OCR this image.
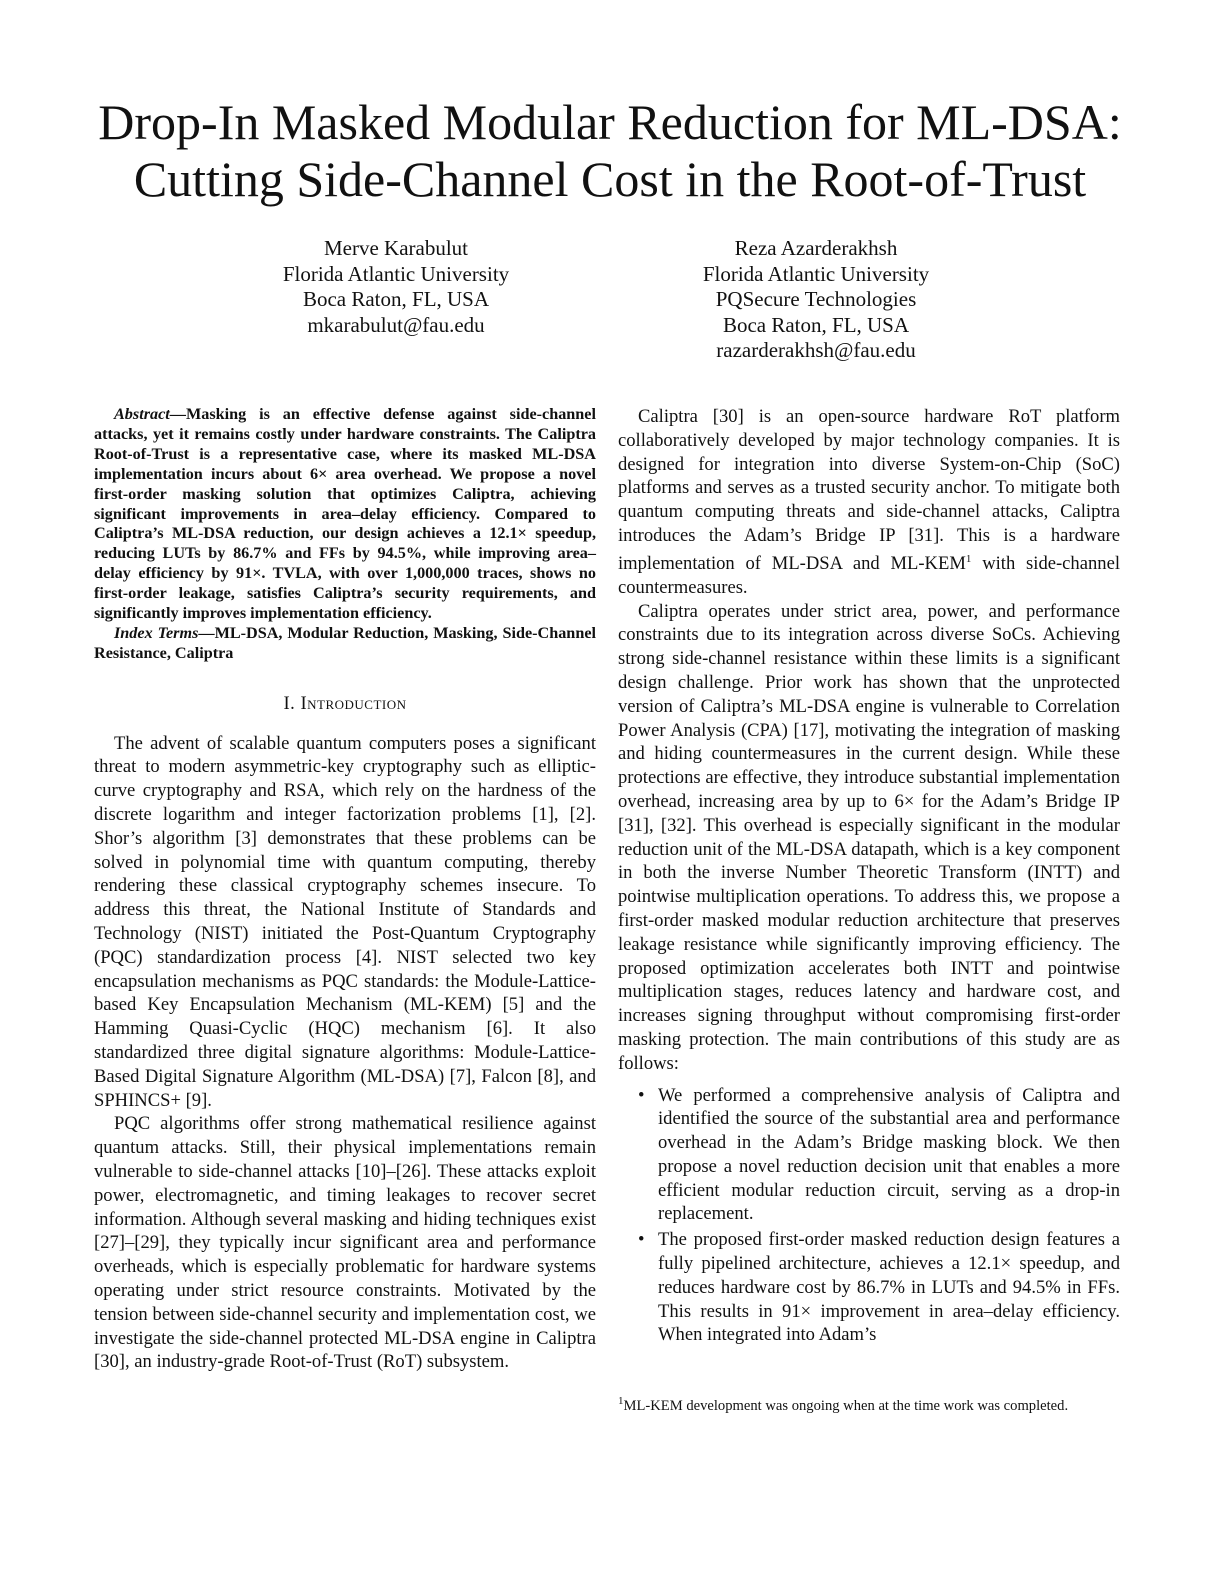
Drop-In Masked Modular Reduction for ML-DSA:
Cutting Side-Channel Cost in the Root-of-Trust
Merve Karabulut
Florida Atlantic University
Boca Raton, FL, USA
mkarabulut@fau.edu
Reza Azarderakhsh
Florida Atlantic University
PQSecure Technologies
Boca Raton, FL, USA
razarderakhsh@fau.edu

Abstract—Masking is an effective defense against side-channel attacks, yet it remains costly under hardware constraints. The Caliptra Root-of-Trust is a representative case, where its masked ML-DSA implementation incurs about 6× area overhead. We propose a novel first-order masking solution that optimizes Caliptra, achieving significant improvements in area–delay efficiency. Compared to Caliptra’s ML-DSA reduction, our design achieves a 12.1× speedup, reducing LUTs by 86.7% and FFs by 94.5%, while improving area–delay efficiency by 91×. TVLA, with over 1,000,000 traces, shows no first-order leakage, satisfies Caliptra’s security requirements, and significantly improves implementation efficiency.

Index Terms—ML-DSA, Modular Reduction, Masking, Side-Channel Resistance, Caliptra

I. Introduction

The advent of scalable quantum computers poses a significant threat to modern asymmetric-key cryptography such as elliptic-curve cryptography and RSA, which rely on the hardness of the discrete logarithm and integer factorization problems [1], [2]. Shor’s algorithm [3] demonstrates that these problems can be solved in polynomial time with quantum computing, thereby rendering these classical cryptography schemes insecure. To address this threat, the National Institute of Standards and Technology (NIST) initiated the Post-Quantum Cryptography (PQC) standardization process [4]. NIST selected two key encapsulation mechanisms as PQC standards: the Module-Lattice-based Key Encapsulation Mechanism (ML-KEM) [5] and the Hamming Quasi-Cyclic (HQC) mechanism [6]. It also standardized three digital signature algorithms: Module-Lattice-Based Digital Signature Algorithm (ML-DSA) [7], Falcon [8], and SPHINCS+ [9].

PQC algorithms offer strong mathematical resilience against quantum attacks. Still, their physical implementations remain vulnerable to side-channel attacks [10]–[26]. These attacks exploit power, electromagnetic, and timing leakages to recover secret information. Although several masking and hiding techniques exist [27]–[29], they typically incur significant area and performance overheads, which is especially problematic for hardware systems operating under strict resource constraints. Motivated by the tension between side-channel security and implementation cost, we investigate the side-channel protected ML-DSA engine in Caliptra [30], an industry-grade Root-of-Trust (RoT) subsystem.

Caliptra [30] is an open-source hardware RoT platform collaboratively developed by major technology companies. It is designed for integration into diverse System-on-Chip (SoC) platforms and serves as a trusted security anchor. To mitigate both quantum computing threats and side-channel attacks, Caliptra introduces the Adam’s Bridge IP [31]. This is a hardware implementation of ML-DSA and ML-KEM$^1$ with side-channel countermeasures.

Caliptra operates under strict area, power, and performance constraints due to its integration across diverse SoCs. Achieving strong side-channel resistance within these limits is a significant design challenge. Prior work has shown that the unprotected version of Caliptra’s ML-DSA engine is vulnerable to Correlation Power Analysis (CPA) [17], motivating the integration of masking and hiding countermeasures in the current design. While these protections are effective, they introduce substantial implementation overhead, increasing area by up to 6× for the Adam’s Bridge IP [31], [32]. This overhead is especially significant in the modular reduction unit of the ML-DSA datapath, which is a key component in both the inverse Number Theoretic Transform (INTT) and pointwise multiplication operations. To address this, we propose a first-order masked modular reduction architecture that preserves leakage resistance while significantly improving efficiency. The proposed optimization accelerates both INTT and pointwise multiplication stages, reduces latency and hardware cost, and increases signing throughput without compromising first-order masking protection. The main contributions of this study are as follows:

• We performed a comprehensive analysis of Caliptra and identified the source of the substantial area and performance overhead in the Adam’s Bridge masking block. We then propose a novel reduction decision unit that enables a more efficient modular reduction circuit, serving as a drop-in replacement.
• The proposed first-order masked reduction design features a fully pipelined architecture, achieves a 12.1× speedup, and reduces hardware cost by 86.7% in LUTs and 94.5% in FFs. This results in 91× improvement in area–delay efficiency. When integrated into Adam’s
$^1$ML-KEM development was ongoing when at the time work was completed.
